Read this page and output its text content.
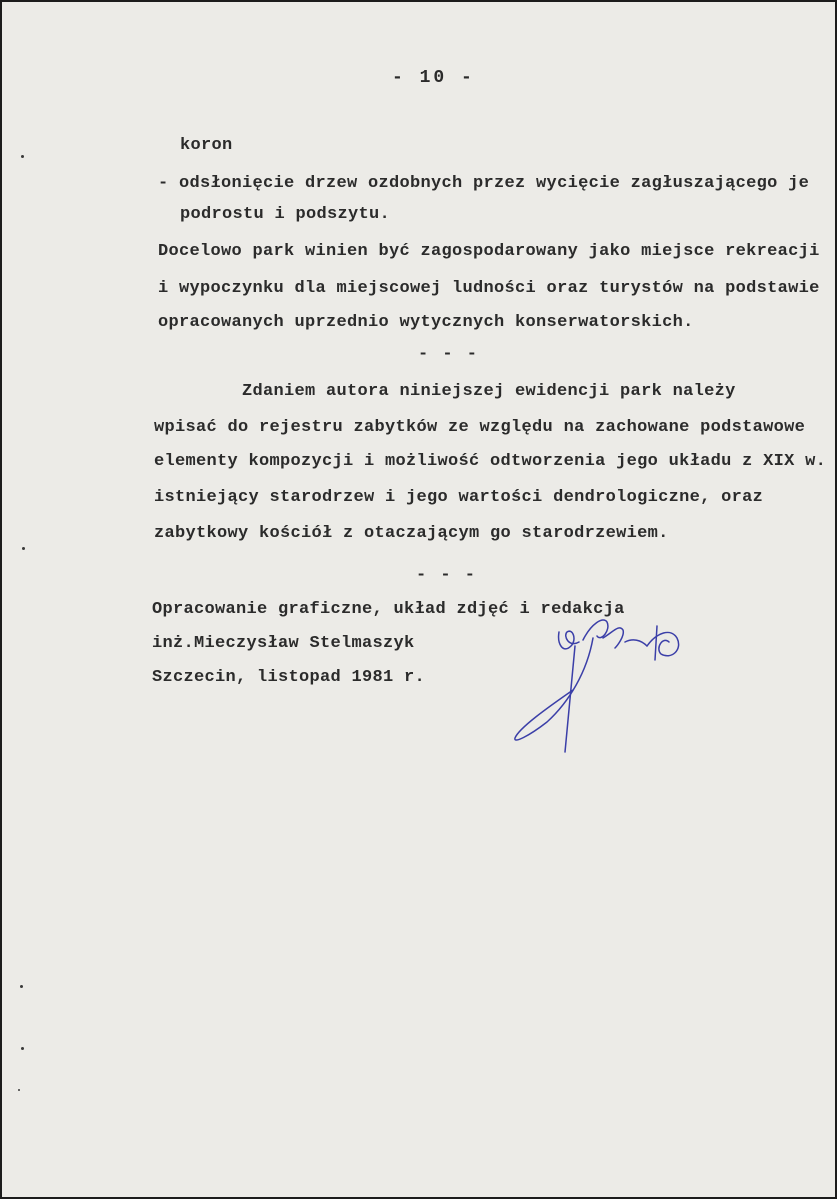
- 10 -
koron
- odsłonięcie drzew ozdobnych przez wycięcie zagłuszającego je
podrostu i podszytu.
Docelowo park winien być zagospodarowany jako miejsce rekreacji
i wypoczynku dla miejscowej ludności oraz turystów na podstawie
opracowanych uprzednio wytycznych konserwatorskich.
- - -
Zdaniem autora niniejszej ewidencji park należy
wpisać do rejestru zabytków ze względu na zachowane podstawowe
elementy kompozycji i możliwość odtworzenia jego układu z XIX w.
istniejący starodrzew i jego wartości dendrologiczne, oraz
zabytkowy kościół z otaczającym go starodrzewiem.
- - -
Opracowanie graficzne, układ zdjęć i redakcja
inż.Mieczysław Stelmaszyk
Szczecin, listopad 1981 r.
